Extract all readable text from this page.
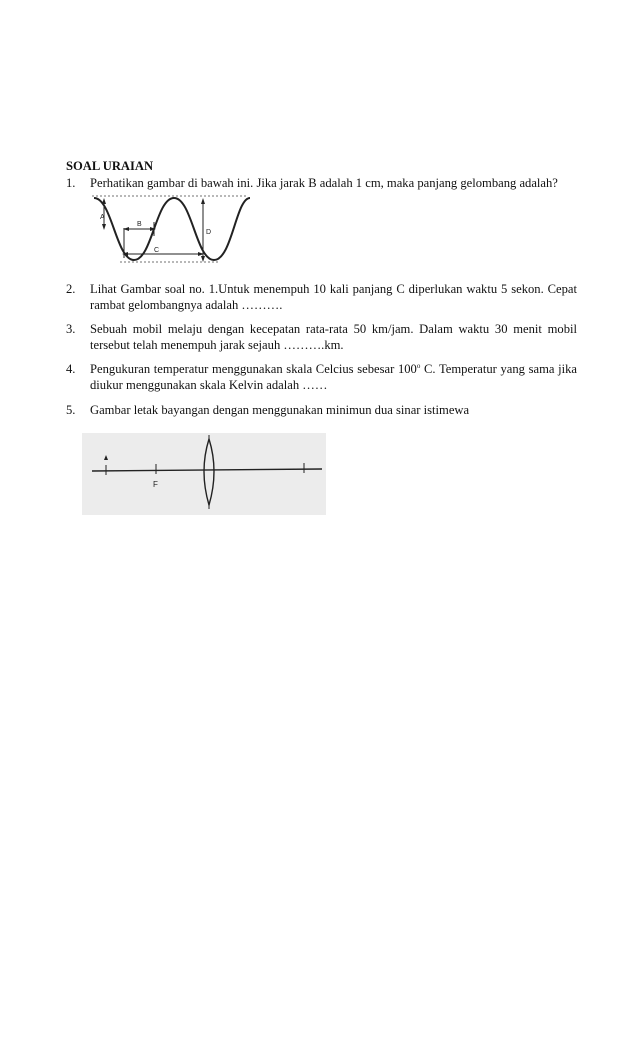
SOAL URAIAN
1. Perhatikan gambar di bawah ini. Jika jarak B adalah 1 cm, maka panjang gelombang adalah?
A
B
C
D
2. Lihat Gambar soal no. 1.Untuk menempuh 10 kali panjang C diperlukan waktu 5 sekon. Cepat rambat gelombangnya adalah ……….
3. Sebuah mobil melaju dengan kecepatan rata-rata 50 km/jam. Dalam waktu 30 menit mobil tersebut telah menempuh jarak sejauh ……….km.
4. Pengukuran temperatur menggunakan skala Celcius sebesar 100$^o$ C. Temperatur yang sama jika diukur menggunakan skala Kelvin adalah ……
5. Gambar letak bayangan dengan menggunakan minimun dua sinar istimewa
F
